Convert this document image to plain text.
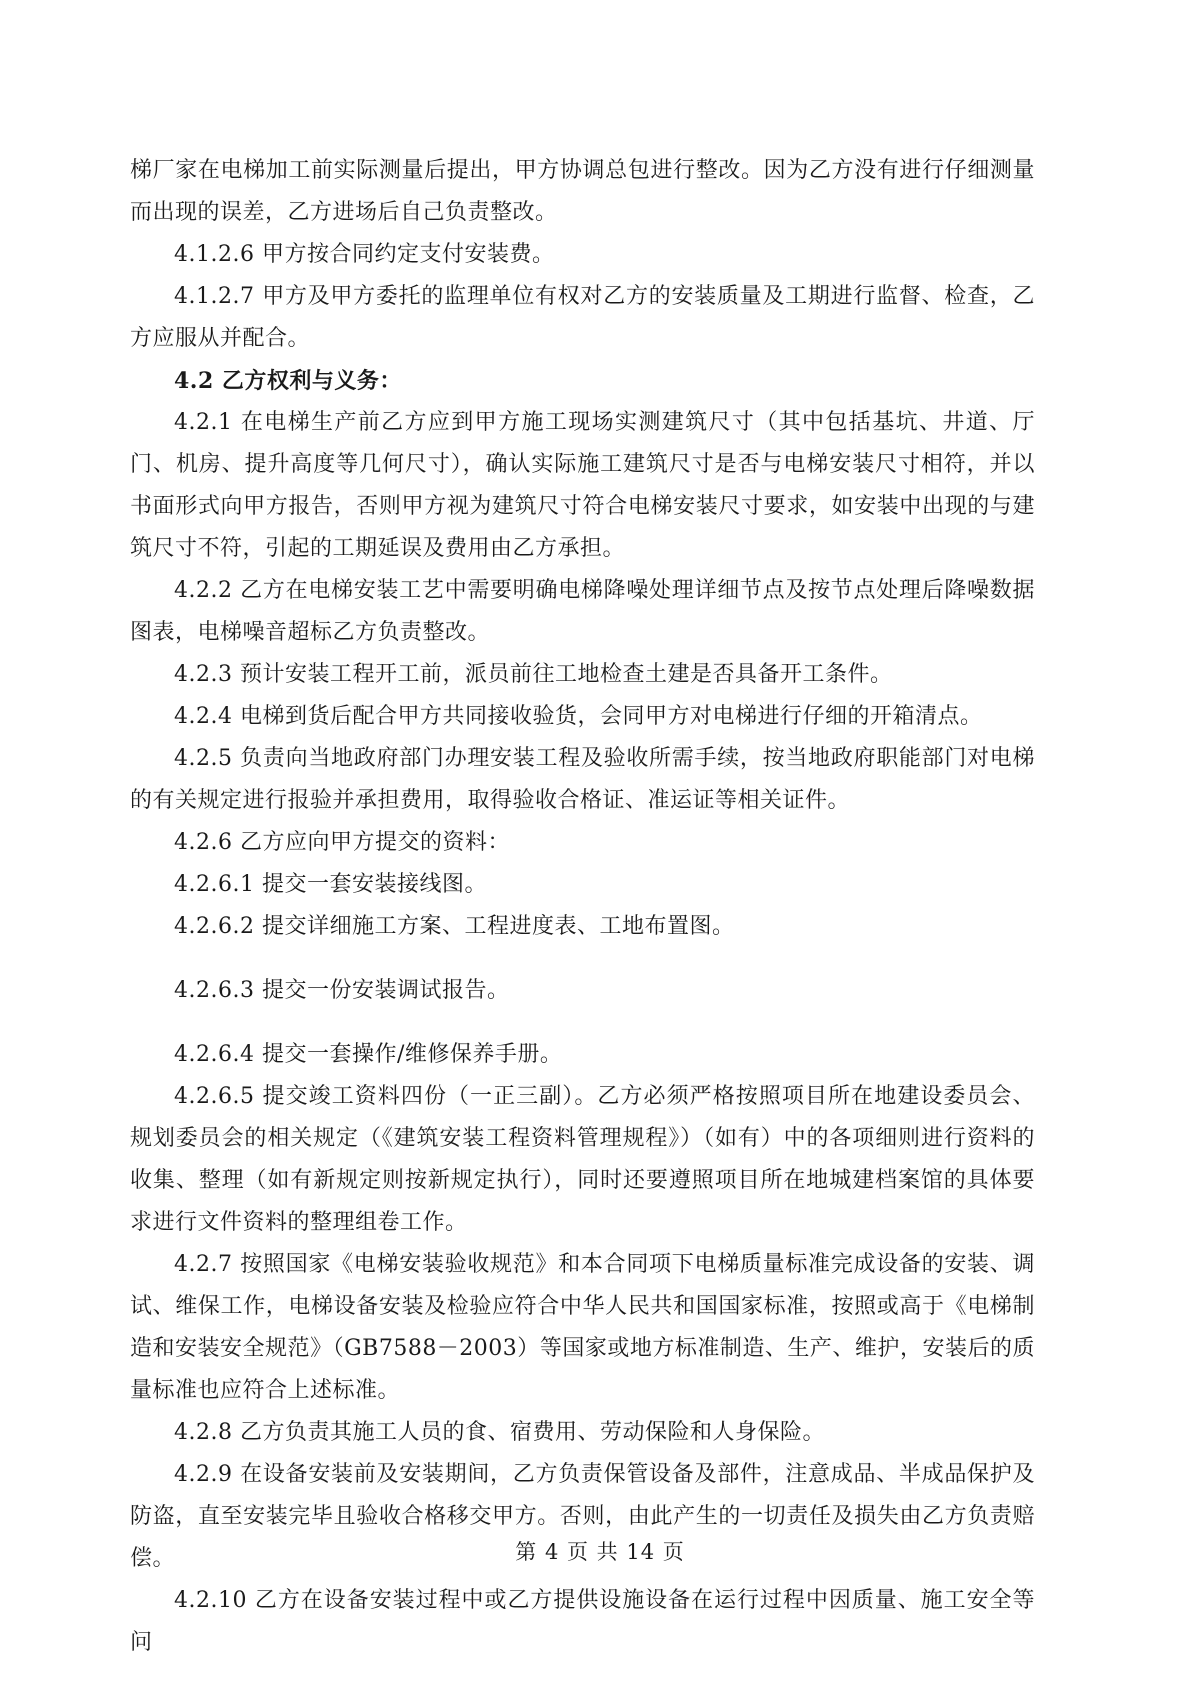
梯厂家在电梯加工前实际测量后提出，甲方协调总包进行整改。因为乙方没有进行仔细测量而出现的误差，乙方进场后自己负责整改。

4.1.2.6 甲方按合同约定支付安装费。

4.1.2.7 甲方及甲方委托的监理单位有权对乙方的安装质量及工期进行监督、检查，乙方应服从并配合。

4.2 乙方权利与义务：

4.2.1 在电梯生产前乙方应到甲方施工现场实测建筑尺寸（其中包括基坑、井道、厅门、机房、提升高度等几何尺寸），确认实际施工建筑尺寸是否与电梯安装尺寸相符，并以书面形式向甲方报告，否则甲方视为建筑尺寸符合电梯安装尺寸要求，如安装中出现的与建筑尺寸不符，引起的工期延误及费用由乙方承担。

4.2.2 乙方在电梯安装工艺中需要明确电梯降噪处理详细节点及按节点处理后降噪数据图表，电梯噪音超标乙方负责整改。

4.2.3 预计安装工程开工前，派员前往工地检查土建是否具备开工条件。

4.2.4 电梯到货后配合甲方共同接收验货，会同甲方对电梯进行仔细的开箱清点。

4.2.5 负责向当地政府部门办理安装工程及验收所需手续，按当地政府职能部门对电梯的有关规定进行报验并承担费用，取得验收合格证、准运证等相关证件。

4.2.6 乙方应向甲方提交的资料：

4.2.6.1 提交一套安装接线图。

4.2.6.2 提交详细施工方案、工程进度表、工地布置图。

4.2.6.3 提交一份安装调试报告。

4.2.6.4 提交一套操作/维修保养手册。

4.2.6.5 提交竣工资料四份（一正三副）。乙方必须严格按照项目所在地建设委员会、规划委员会的相关规定（《建筑安装工程资料管理规程》）（如有）中的各项细则进行资料的收集、整理（如有新规定则按新规定执行），同时还要遵照项目所在地城建档案馆的具体要求进行文件资料的整理组卷工作。

4.2.7 按照国家《电梯安装验收规范》和本合同项下电梯质量标准完成设备的安装、调试、维保工作，电梯设备安装及检验应符合中华人民共和国国家标准，按照或高于《电梯制造和安装安全规范》（GB7588－2003）等国家或地方标准制造、生产、维护，安装后的质量标准也应符合上述标准。

4.2.8 乙方负责其施工人员的食、宿费用、劳动保险和人身保险。

4.2.9 在设备安装前及安装期间，乙方负责保管设备及部件，注意成品、半成品保护及防盗，直至安装完毕且验收合格移交甲方。否则，由此产生的一切责任及损失由乙方负责赔偿。

4.2.10 乙方在设备安装过程中或乙方提供设施设备在运行过程中因质量、施工安全等问

第 4 页 共 14 页
